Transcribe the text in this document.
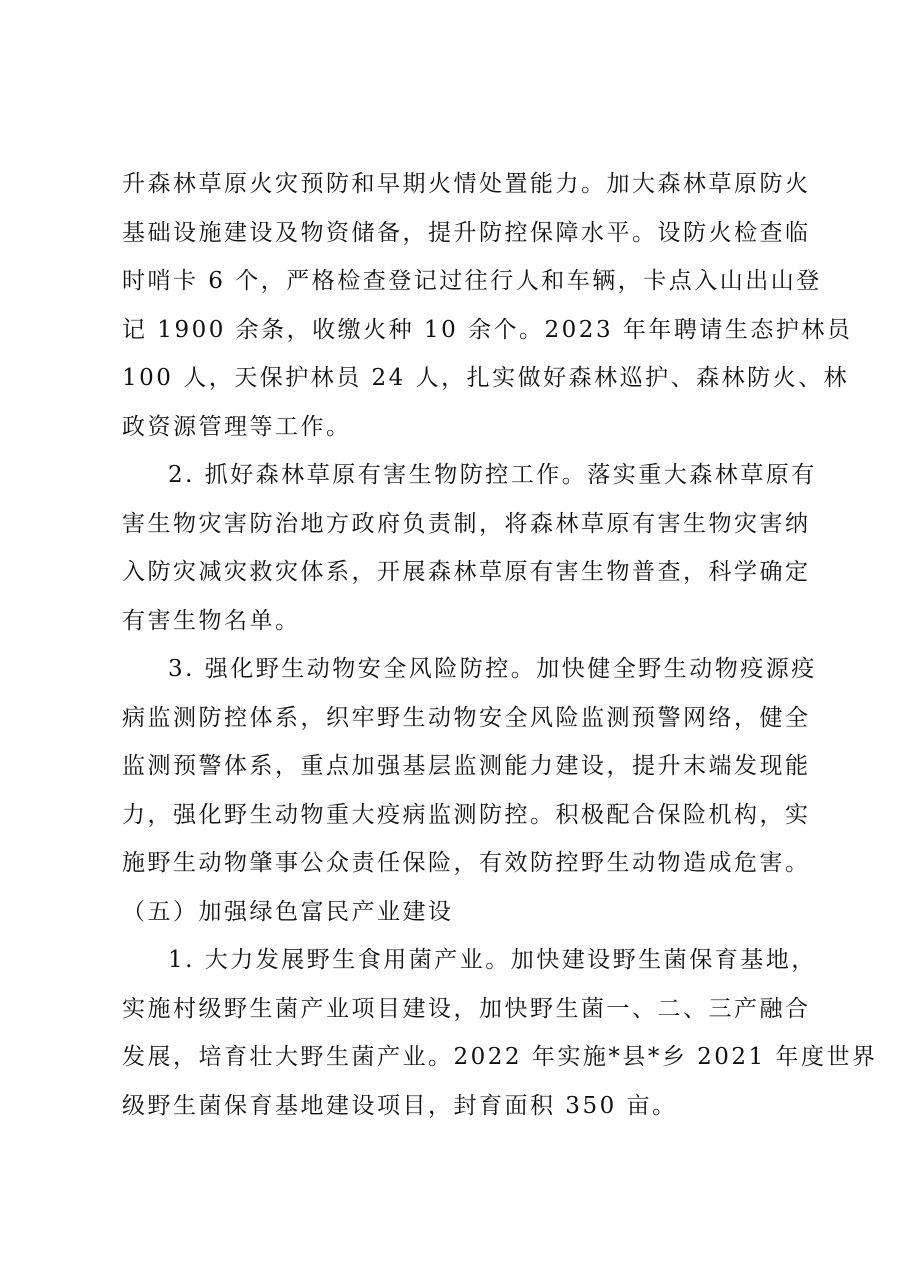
升森林草原火灾预防和早期火情处置能力。加大森林草原防火
基础设施建设及物资储备，提升防控保障水平。设防火检查临
时哨卡 6 个，严格检查登记过往行人和车辆，卡点入山出山登
记 1900 余条，收缴火种 10 余个。2023 年年聘请生态护林员
100 人，天保护林员 24 人，扎实做好森林巡护、森林防火、林
政资源管理等工作。
2. 抓好森林草原有害生物防控工作。落实重大森林草原有
害生物灾害防治地方政府负责制，将森林草原有害生物灾害纳
入防灾减灾救灾体系，开展森林草原有害生物普查，科学确定
有害生物名单。
3. 强化野生动物安全风险防控。加快健全野生动物疫源疫
病监测防控体系，织牢野生动物安全风险监测预警网络，健全
监测预警体系，重点加强基层监测能力建设，提升末端发现能
力，强化野生动物重大疫病监测防控。积极配合保险机构，实
施野生动物肇事公众责任保险，有效防控野生动物造成危害。
（五）加强绿色富民产业建设
1. 大力发展野生食用菌产业。加快建设野生菌保育基地，
实施村级野生菌产业项目建设，加快野生菌一、二、三产融合
发展，培育壮大野生菌产业。2022 年实施*县*乡 2021 年度世界
级野生菌保育基地建设项目，封育面积 350 亩。
